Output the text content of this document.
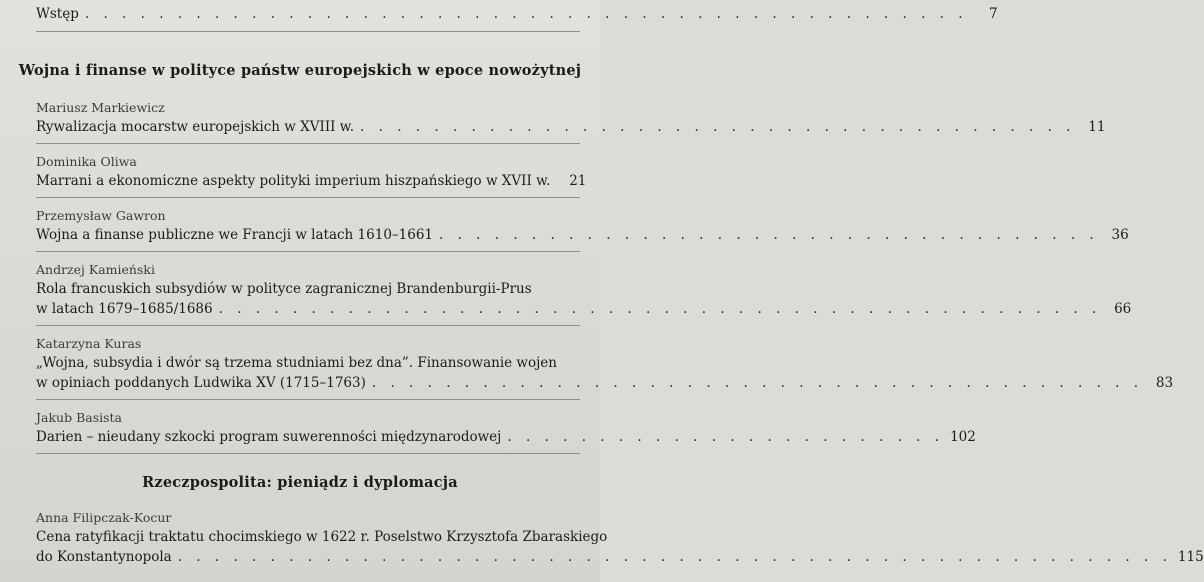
Wstęp . . . . . . . . . . . . . . . . . . . . . . . . . . . . . . . . . . . . . . . . . . . . . . . .	7
Wojna i finanse w polityce państw europejskich w epoce nowożytnej
Mariusz Markiewicz
Rywalizacja mocarstw europejskich w XVIII w. . . . . . . . . . . . . . . . . . . . . . . . . . . . . . . . . . . . . . . . 11
Dominika Oliwa
Marrani a ekonomiczne aspekty polityki imperium hiszpańskiego w XVII w.	21
Przemysław Gawron
Wojna a finanse publiczne we Francji w latach 1610–1661 . . . . . . . . . . . . . . . . . . . . . . . . . . . . . . . . . . . . 36
Andrzej Kamieński
Rola francuskich subsydiów w polityce zagranicznej Brandenburgii-Prus
w latach 1679–1685/1686 . . . . . . . . . . . . . . . . . . . . . . . . . . . . . . . . . . . . . . . . . . . . . . . . 66
Katarzyna Kuras
„Wojna, subsydia i dwór są trzema studniami bez dna”. Finansowanie wojen
w opiniach poddanych Ludwika XV (1715–1763) . . . . . . . . . . . . . . . . . . . . . . . . . . . . . . . . . . . . . . . . . . 83
Jakub Basista
Darien – nieudany szkocki program suwerenności międzynarodowej . . . . . . . . . . . . . . . . . . . . . . . . 102
Rzeczpospolita: pieniądz i dyplomacja
Anna Filipczak-Kocur
Cena ratyfikacji traktatu chocimskiego w 1622 r. Poselstwo Krzysztofa Zbaraskiego
do Konstantynopola . . . . . . . . . . . . . . . . . . . . . . . . . . . . . . . . . . . . . . . . . . . . . . . . . . . . . . 115
